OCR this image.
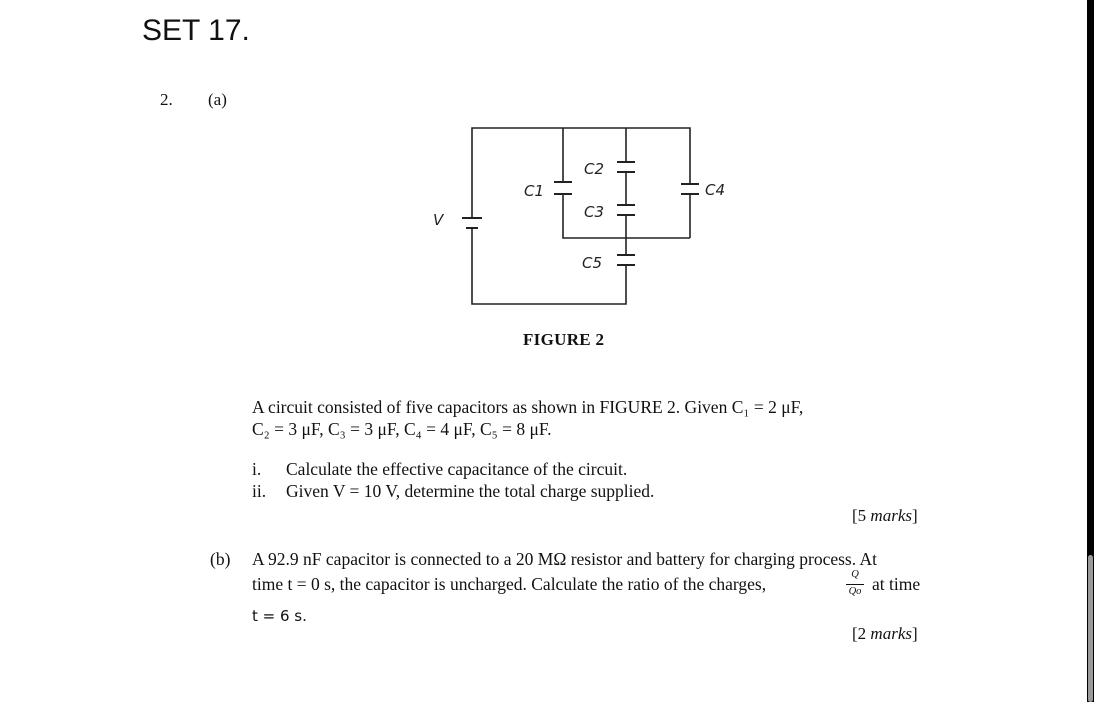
SET 17.
2. (a)
V
C1
C2
C3
C5
C4
FIGURE 2
A circuit consisted of five capacitors as shown in FIGURE 2. Given C₁ = 2 μF,
C₂ = 3 μF, C₃ = 3 μF, C₄ = 4 μF, C₅ = 8 μF.
i. Calculate the effective capacitance of the circuit.
ii. Given V = 10 V, determine the total charge supplied.
[5 marks]
(b) A 92.9 nF capacitor is connected to a 20 MΩ resistor and battery for charging process. At
time t = 0 s, the capacitor is uncharged. Calculate the ratio of the charges,	Q
Qo at time
t = 6 s.
[2 marks]
